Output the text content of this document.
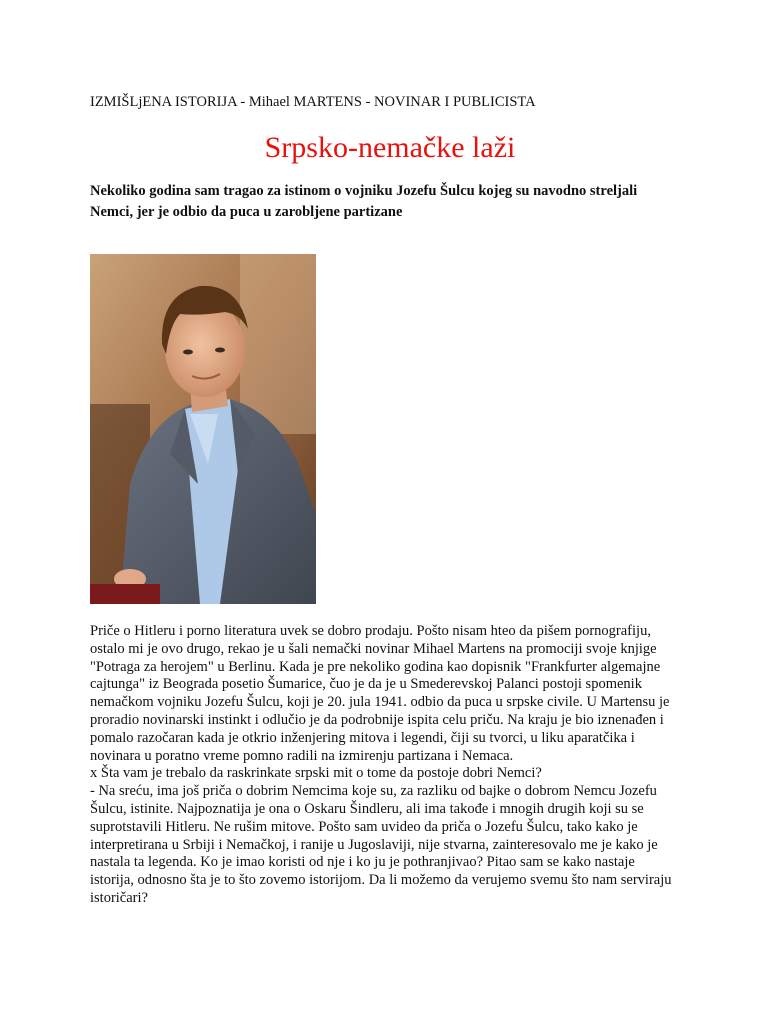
IZMIŠLjENA ISTORIJA - Mihael MARTENS - NOVINAR I PUBLICISTA
Srpsko-nemačke laži
Nekoliko godina sam tragao za istinom o vojniku Jozefu Šulcu kojeg su navodno streljali Nemci, jer je odbio da puca u zarobljene partizane

Priče o Hitleru i porno literatura uvek se dobro prodaju. Pošto nisam hteo da pišem pornografiju, ostalo mi je ovo drugo, rekao je u šali nemački novinar Mihael Martens na promociji svoje knjige "Potraga za herojem" u Berlinu. Kada je pre nekoliko godina kao dopisnik "Frankfurter algemajne cajtunga" iz Beograda posetio Šumarice, čuo je da je u Smederevskoj Palanci postoji spomenik nemačkom vojniku Jozefu Šulcu, koji je 20. jula 1941. odbio da puca u srpske civile. U Martensu je proradio novinarski instinkt i odlučio je da podrobnije ispita celu priču. Na kraju je bio iznenađen i pomalo razočaran kada je otkrio inženjering mitova i legendi, čiji su tvorci, u liku aparatčika i novinara u poratno vreme pomno radili na izmirenju partizana i Nemaca.

x Šta vam je trebalo da raskrinkate srpski mit o tome da postoje dobri Nemci?

- Na sreću, ima još priča o dobrim Nemcima koje su, za razliku od bajke o dobrom Nemcu Jozefu Šulcu, istinite. Najpoznatija je ona o Oskaru Šindleru, ali ima takođe i mnogih drugih koji su se suprotstavili Hitleru. Ne rušim mitove. Pošto sam uvideo da priča o Jozefu Šulcu, tako kako je interpretirana u Srbiji i Nemačkoj, i ranije u Jugoslaviji, nije stvarna, zainteresovalo me je kako je nastala ta legenda. Ko je imao koristi od nje i ko ju je pothranjivao? Pitao sam se kako nastaje istorija, odnosno šta je to što zovemo istorijom. Da li možemo da verujemo svemu što nam serviraju istoričari?
